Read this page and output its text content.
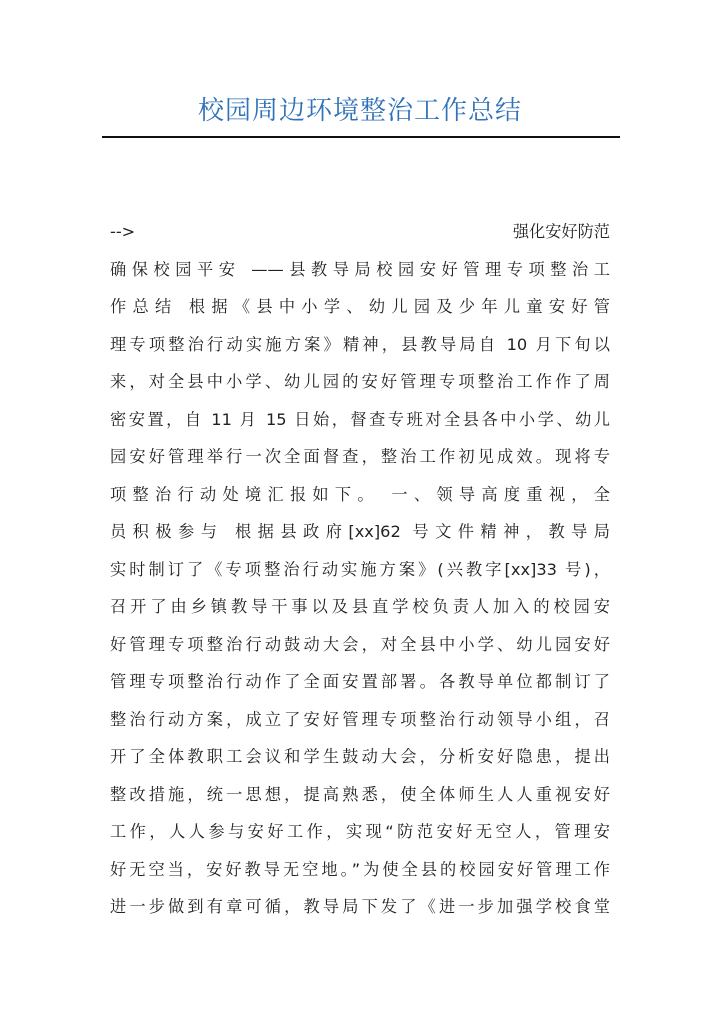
校园周边环境整治工作总结
-->	强化安好防范
确保校园平安 ——县教导局校园安好管理专项整治工
作总结 根据《县中小学、幼儿园及少年儿童安好管
理专项整治行动实施方案》精神，县教导局自 10 月下旬以
来，对全县中小学、幼儿园的安好管理专项整治工作作了周
密安置，自 11 月 15 日始，督查专班对全县各中小学、幼儿
园安好管理举行一次全面督查，整治工作初见成效。现将专
项整治行动处境汇报如下。 一、领导高度重视，全
员积极参与 根据县政府[xx]62 号文件精神，教导局
实时制订了《专项整治行动实施方案》(兴教字[xx]33 号)，
召开了由乡镇教导干事以及县直学校负责人加入的校园安
好管理专项整治行动鼓动大会，对全县中小学、幼儿园安好
管理专项整治行动作了全面安置部署。各教导单位都制订了
整治行动方案，成立了安好管理专项整治行动领导小组，召
开了全体教职工会议和学生鼓动大会，分析安好隐患，提出
整改措施，统一思想，提高熟悉，使全体师生人人重视安好
工作，人人参与安好工作，实现“防范安好无空人，管理安
好无空当，安好教导无空地。”为使全县的校园安好管理工作
进一步做到有章可循，教导局下发了《进一步加强学校食堂
